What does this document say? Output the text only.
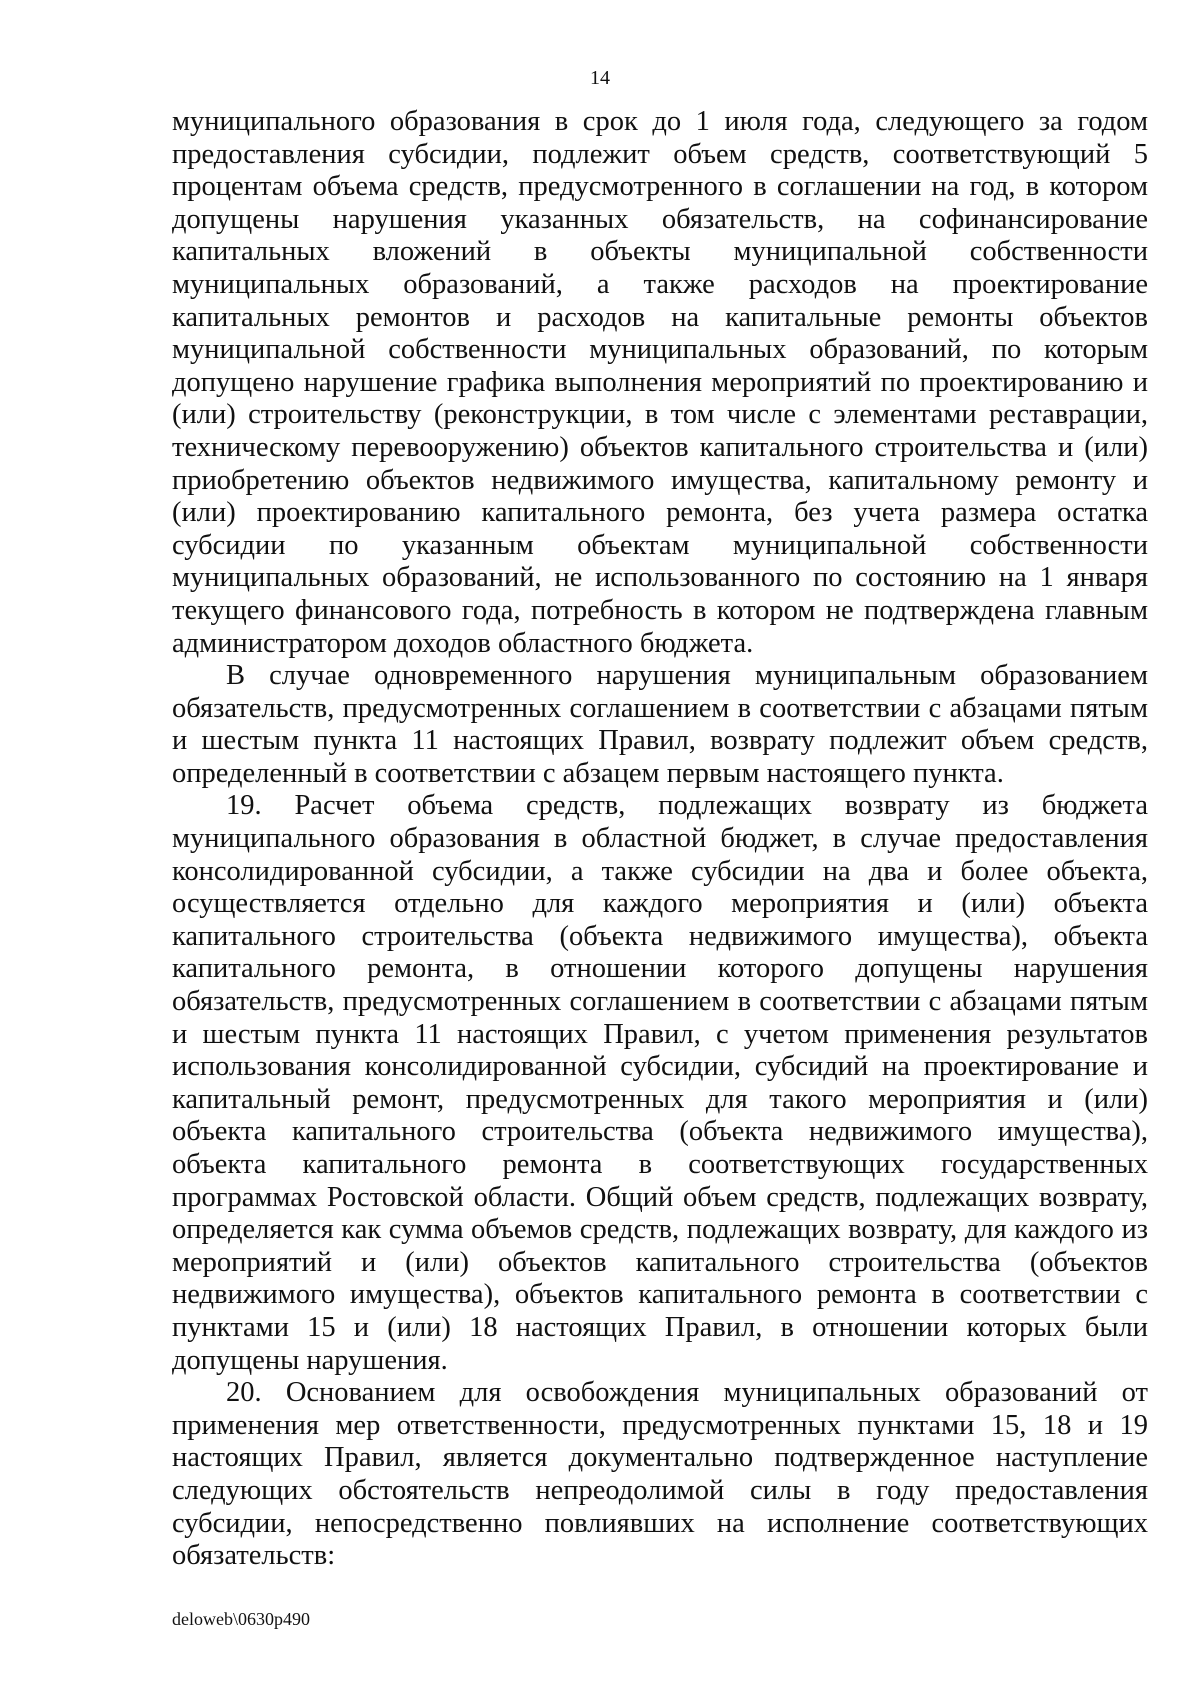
14

муниципального образования в срок до 1 июля года, следующего за годом предоставления субсидии, подлежит объем средств, соответствующий 5 процентам объема средств, предусмотренного в соглашении на год, в котором допущены нарушения указанных обязательств, на софинансирование капитальных вложений в объекты муниципальной собственности муниципальных образований, а также расходов на проектирование капитальных ремонтов и расходов на капитальные ремонты объектов муниципальной собственности муниципальных образований, по которым допущено нарушение графика выполнения мероприятий по проектированию и (или) строительству (реконструкции, в том числе с элементами реставрации, техническому перевооружению) объектов капитального строительства и (или) приобретению объектов недвижимого имущества, капитальному ремонту и (или) проектированию капитального ремонта, без учета размера остатка субсидии по указанным объектам муниципальной собственности муниципальных образований, не использованного по состоянию на 1 января текущего финансового года, потребность в котором не подтверждена главным администратором доходов областного бюджета.

В случае одновременного нарушения муниципальным образованием обязательств, предусмотренных соглашением в соответствии с абзацами пятым и шестым пункта 11 настоящих Правил, возврату подлежит объем средств, определенный в соответствии с абзацем первым настоящего пункта.

19. Расчет объема средств, подлежащих возврату из бюджета муниципального образования в областной бюджет, в случае предоставления консолидированной субсидии, а также субсидии на два и более объекта, осуществляется отдельно для каждого мероприятия и (или) объекта капитального строительства (объекта недвижимого имущества), объекта капитального ремонта, в отношении которого допущены нарушения обязательств, предусмотренных соглашением в соответствии с абзацами пятым и шестым пункта 11 настоящих Правил, с учетом применения результатов использования консолидированной субсидии, субсидий на проектирование и капитальный ремонт, предусмотренных для такого мероприятия и (или) объекта капитального строительства (объекта недвижимого имущества), объекта капитального ремонта в соответствующих государственных программах Ростовской области. Общий объем средств, подлежащих возврату, определяется как сумма объемов средств, подлежащих возврату, для каждого из мероприятий и (или) объектов капитального строительства (объектов недвижимого имущества), объектов капитального ремонта в соответствии с пунктами 15 и (или) 18 настоящих Правил, в отношении которых были допущены нарушения.

20. Основанием для освобождения муниципальных образований от применения мер ответственности, предусмотренных пунктами 15, 18 и 19 настоящих Правил, является документально подтвержденное наступление следующих обстоятельств непреодолимой силы в году предоставления субсидии, непосредственно повлиявших на исполнение соответствующих обязательств:

deloweb\0630p490
